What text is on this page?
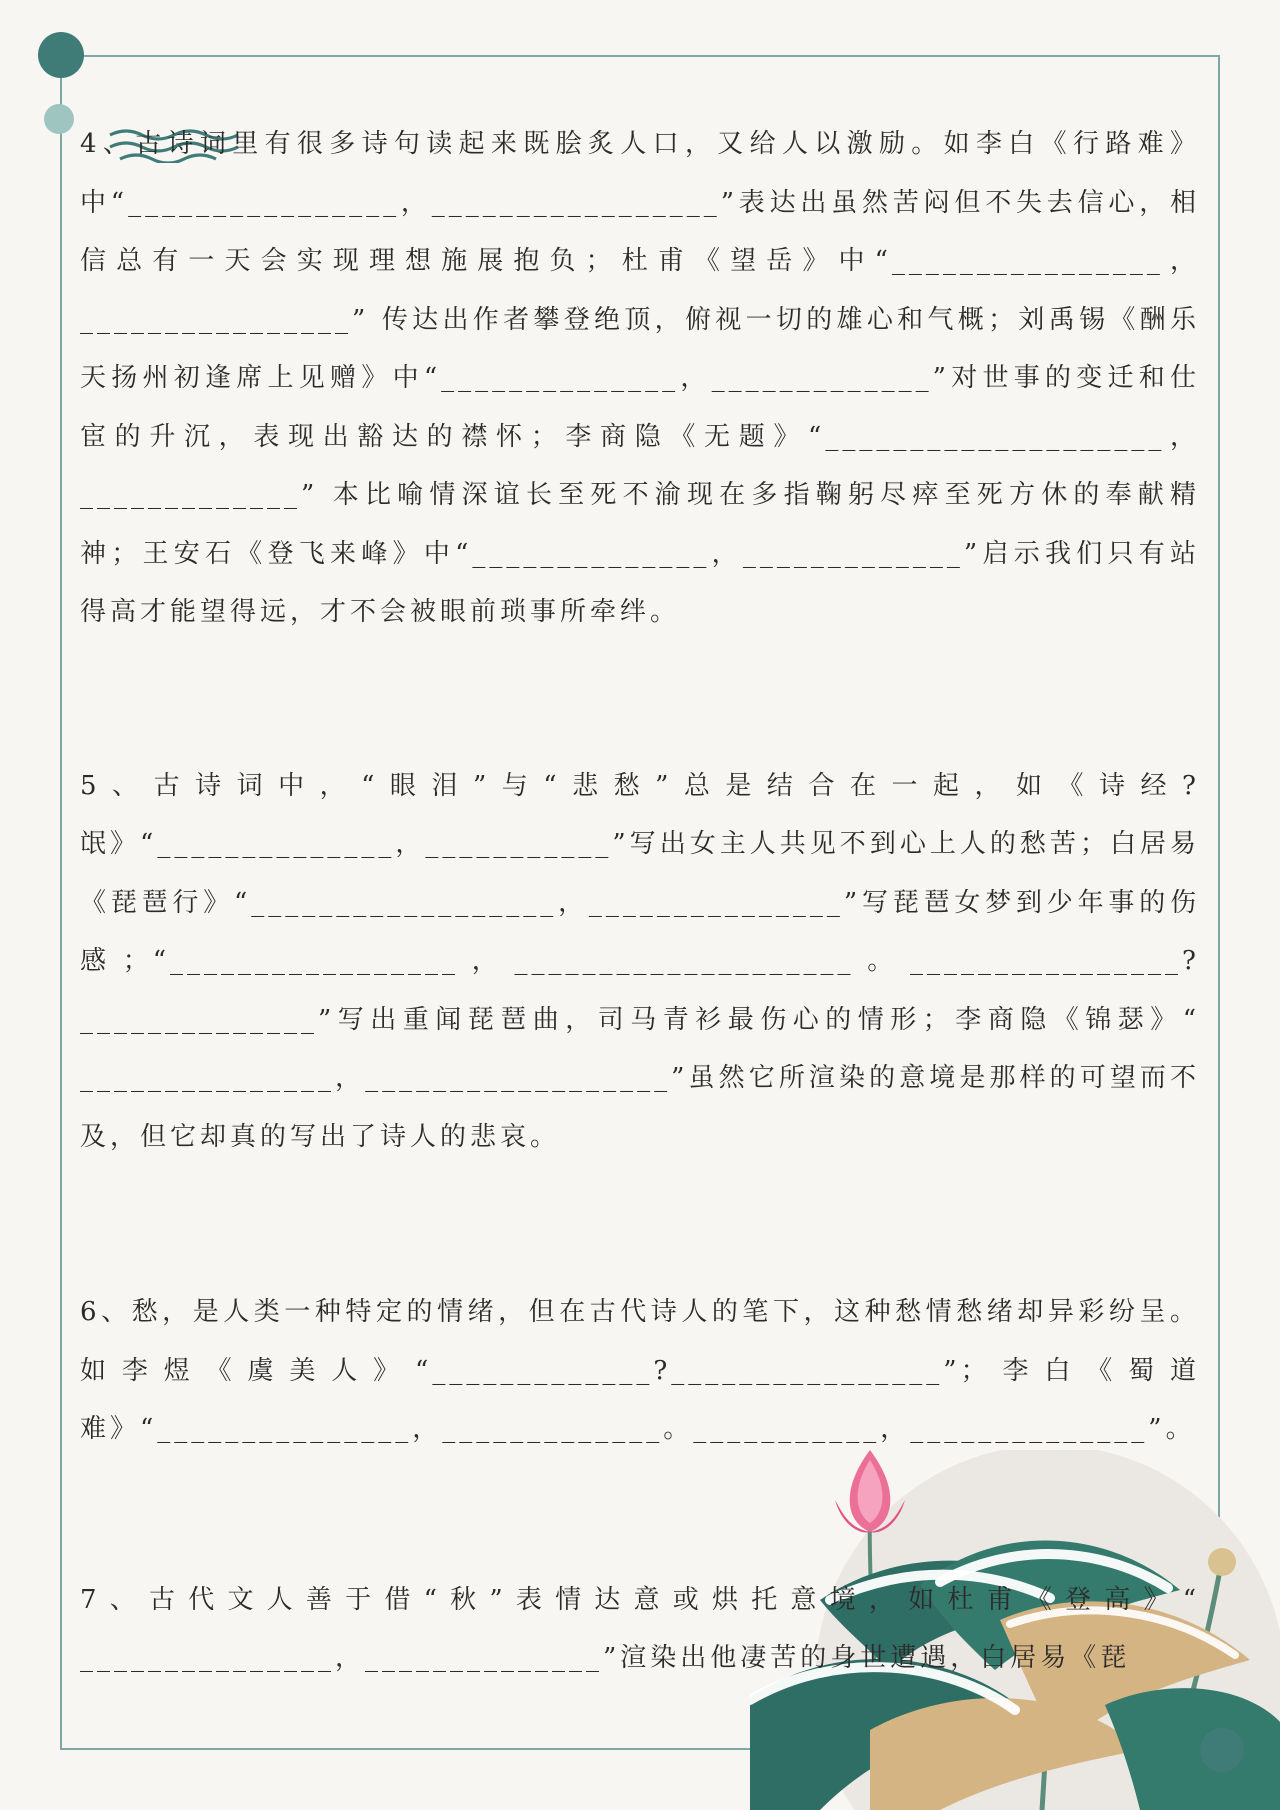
4、古诗词里有很多诗句读起来既脍炙人口，又给人以激励。如李白《行路难》中“________________，_________________”表达出虽然苦闷但不失去信心，相信总有一天会实现理想施展抱负；杜甫《望岳》中“________________，________________” 传达出作者攀登绝顶，俯视一切的雄心和气概；刘禹锡《酬乐天扬州初逢席上见赠》中“______________，_____________”对世事的变迁和仕宦的升沉，表现出豁达的襟怀；李商隐《无题》“____________________，_____________” 本比喻情深谊长至死不渝现在多指鞠躬尽瘁至死方休的奉献精神；王安石《登飞来峰》中“______________，_____________”启示我们只有站得高才能望得远，才不会被眼前琐事所牵绊。

5、古诗词中，“眼泪”与“悲愁”总是结合在一起，如《诗经?氓》“______________，___________”写出女主人共见不到心上人的愁苦；白居易《琵琶行》“__________________，_______________”写琵琶女梦到少年事的伤感；“_________________，____________________。________________?______________”写出重闻琵琶曲，司马青衫最伤心的情形；李商隐《锦瑟》“ _______________，__________________”虽然它所渲染的意境是那样的可望而不及，但它却真的写出了诗人的悲哀。

6、愁，是人类一种特定的情绪，但在古代诗人的笔下，这种愁情愁绪却异彩纷呈。如李煜《虞美人》“_____________?________________”；李白《蜀道难》“_______________，_____________。___________，______________”。

7、古代文人善于借“秋”表情达意或烘托意境，如杜甫《登高》“ _______________，______________”渲染出他凄苦的身世遭遇，白居易《琵
